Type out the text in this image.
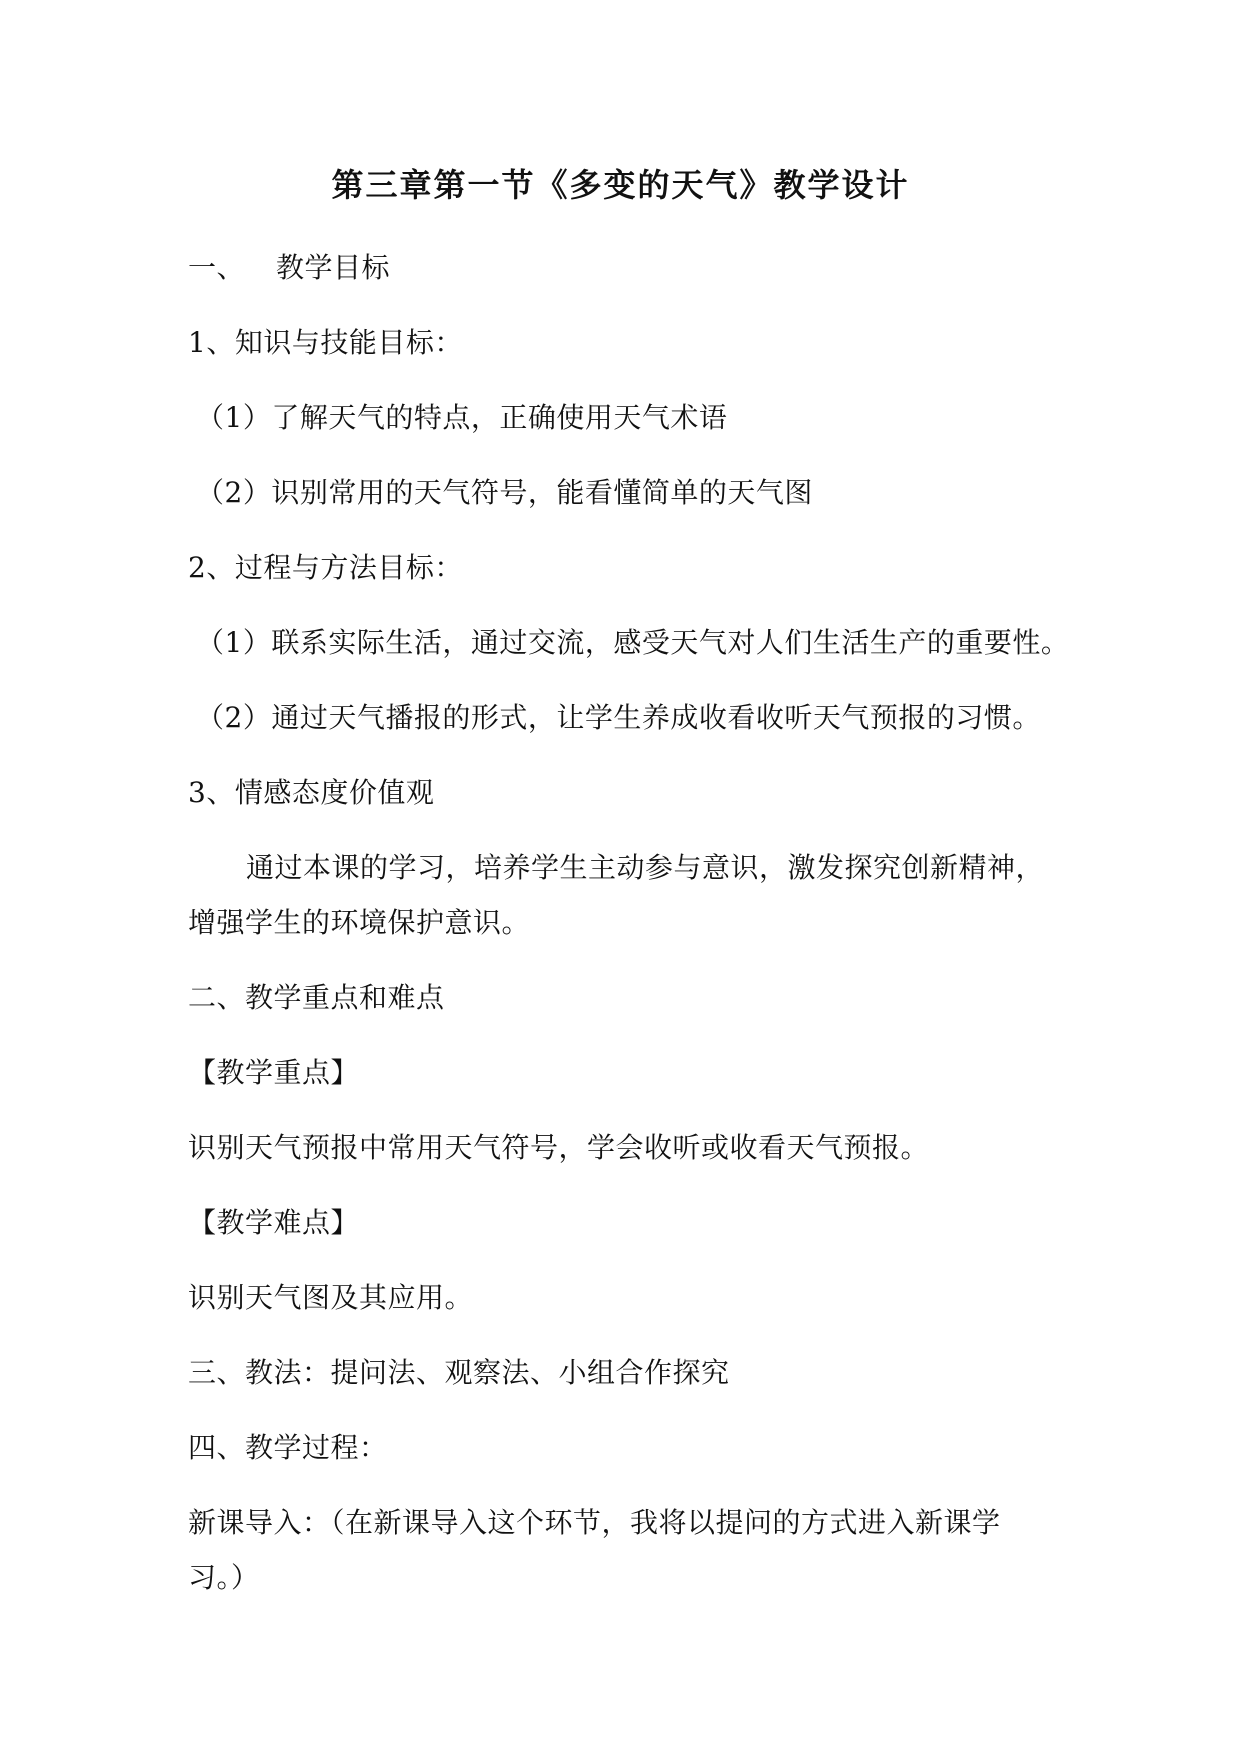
第三章第一节《多变的天气》教学设计
一、 教学目标
1、知识与技能目标：
（1）了解天气的特点，正确使用天气术语
（2）识别常用的天气符号，能看懂简单的天气图
2、过程与方法目标：
（1）联系实际生活，通过交流，感受天气对人们生活生产的重要性。
（2）通过天气播报的形式，让学生养成收看收听天气预报的习惯。
3、情感态度价值观
通过本课的学习，培养学生主动参与意识，激发探究创新精神，
增强学生的环境保护意识。
二、教学重点和难点
【教学重点】
识别天气预报中常用天气符号，学会收听或收看天气预报。
【教学难点】
识别天气图及其应用。
三、教法：提问法、观察法、小组合作探究
四、教学过程：
新课导入：（在新课导入这个环节，我将以提问的方式进入新课学
习。）
